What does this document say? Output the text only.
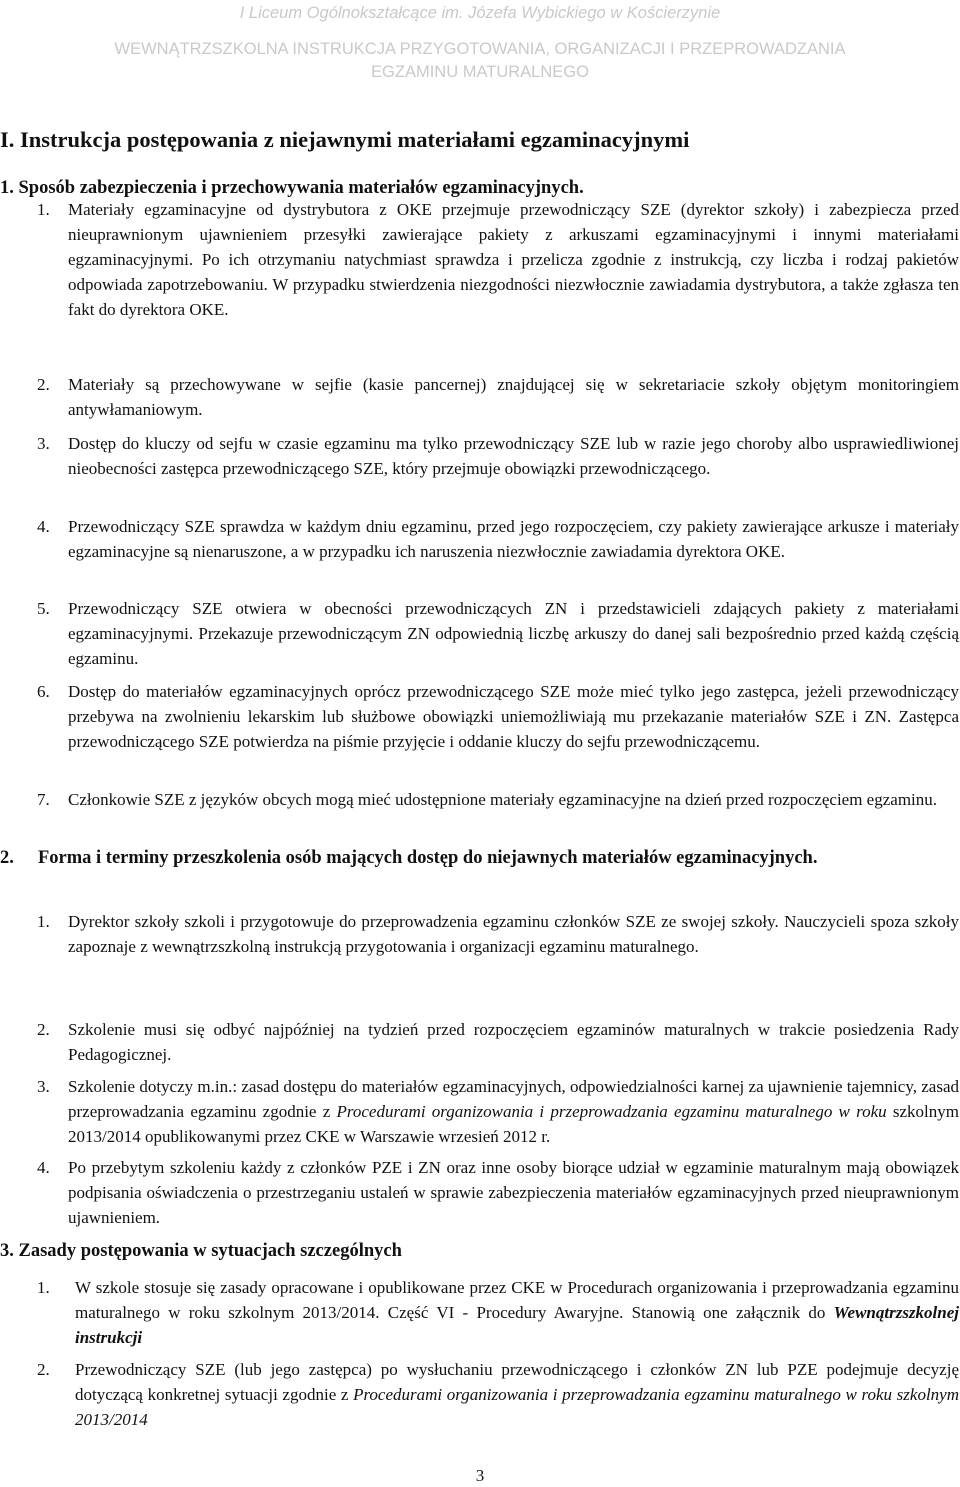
I Liceum Ogólnokształcące im. Józefa Wybickiego w Kościerzynie
WEWNĄTRZSZKOLNA INSTRUKCJA PRZYGOTOWANIA, ORGANIZACJI I PRZEPROWADZANIA
EGZAMINU MATURALNEGO
I. Instrukcja postępowania z niejawnymi materiałami egzaminacyjnymi
1. Sposób zabezpieczenia i przechowywania materiałów egzaminacyjnych.
1. Materiały egzaminacyjne od dystrybutora z OKE przejmuje przewodniczący SZE (dyrektor szkoły) i zabezpiecza przed nieuprawnionym ujawnieniem przesyłki zawierające pakiety z arkuszami egzaminacyjnymi i innymi materiałami egzaminacyjnymi. Po ich otrzymaniu natychmiast sprawdza i przelicza zgodnie z instrukcją, czy liczba i rodzaj pakietów odpowiada zapotrzebowaniu. W przypadku stwierdzenia niezgodności niezwłocznie zawiadamia dystrybutora, a także zgłasza ten fakt do dyrektora OKE.
2. Materiały są przechowywane w sejfie (kasie pancernej) znajdującej się w sekretariacie szkoły objętym monitoringiem antywłamaniowym.
3. Dostęp do kluczy od sejfu w czasie egzaminu ma tylko przewodniczący SZE lub w razie jego choroby albo usprawiedliwionej nieobecności zastępca przewodniczącego SZE, który przejmuje obowiązki przewodniczącego.
4. Przewodniczący SZE sprawdza w każdym dniu egzaminu, przed jego rozpoczęciem, czy pakiety zawierające arkusze i materiały egzaminacyjne są nienaruszone, a w przypadku ich naruszenia niezwłocznie zawiadamia dyrektora OKE.
5. Przewodniczący SZE otwiera w obecności przewodniczących ZN i przedstawicieli zdających pakiety z materiałami egzaminacyjnymi. Przekazuje przewodniczącym ZN odpowiednią liczbę arkuszy do danej sali bezpośrednio przed każdą częścią egzaminu.
6. Dostęp do materiałów egzaminacyjnych oprócz przewodniczącego SZE może mieć tylko jego zastępca, jeżeli przewodniczący przebywa na zwolnieniu lekarskim lub służbowe obowiązki uniemożliwiają mu przekazanie materiałów SZE i ZN. Zastępca przewodniczącego SZE potwierdza na piśmie przyjęcie i oddanie kluczy do sejfu przewodniczącemu.
7. Członkowie SZE z języków obcych mogą mieć udostępnione materiały egzaminacyjne na dzień przed rozpoczęciem egzaminu.
2. Forma i terminy przeszkolenia osób mających dostęp do niejawnych materiałów egzaminacyjnych.
1. Dyrektor szkoły szkoli i przygotowuje do przeprowadzenia egzaminu członków SZE ze swojej szkoły. Nauczycieli spoza szkoły zapoznaje z wewnątrzszkolną instrukcją przygotowania i organizacji egzaminu maturalnego.
2. Szkolenie musi się odbyć najpóźniej na tydzień przed rozpoczęciem egzaminów maturalnych w trakcie posiedzenia Rady Pedagogicznej.
3. Szkolenie dotyczy m.in.: zasad dostępu do materiałów egzaminacyjnych, odpowiedzialności karnej za ujawnienie tajemnicy, zasad przeprowadzania egzaminu zgodnie z Procedurami organizowania i przeprowadzania egzaminu maturalnego w roku szkolnym 2013/2014 opublikowanymi przez CKE w Warszawie wrzesień 2012 r.
4. Po przebytym szkoleniu każdy z członków PZE i ZN oraz inne osoby biorące udział w egzaminie maturalnym mają obowiązek podpisania oświadczenia o przestrzeganiu ustaleń w sprawie zabezpieczenia materiałów egzaminacyjnych przed nieuprawnionym ujawnieniem.
3. Zasady postępowania w sytuacjach szczególnych
1. W szkole stosuje się zasady opracowane i opublikowane przez CKE w Procedurach organizowania i przeprowadzania egzaminu maturalnego w roku szkolnym 2013/2014. Część VI - Procedury Awaryjne. Stanowią one załącznik do Wewnątrzszkolnej instrukcji
2. Przewodniczący SZE (lub jego zastępca) po wysłuchaniu przewodniczącego i członków ZN lub PZE podejmuje decyzję dotyczącą konkretnej sytuacji zgodnie z Procedurami organizowania i przeprowadzania egzaminu maturalnego w roku szkolnym 2013/2014
3
